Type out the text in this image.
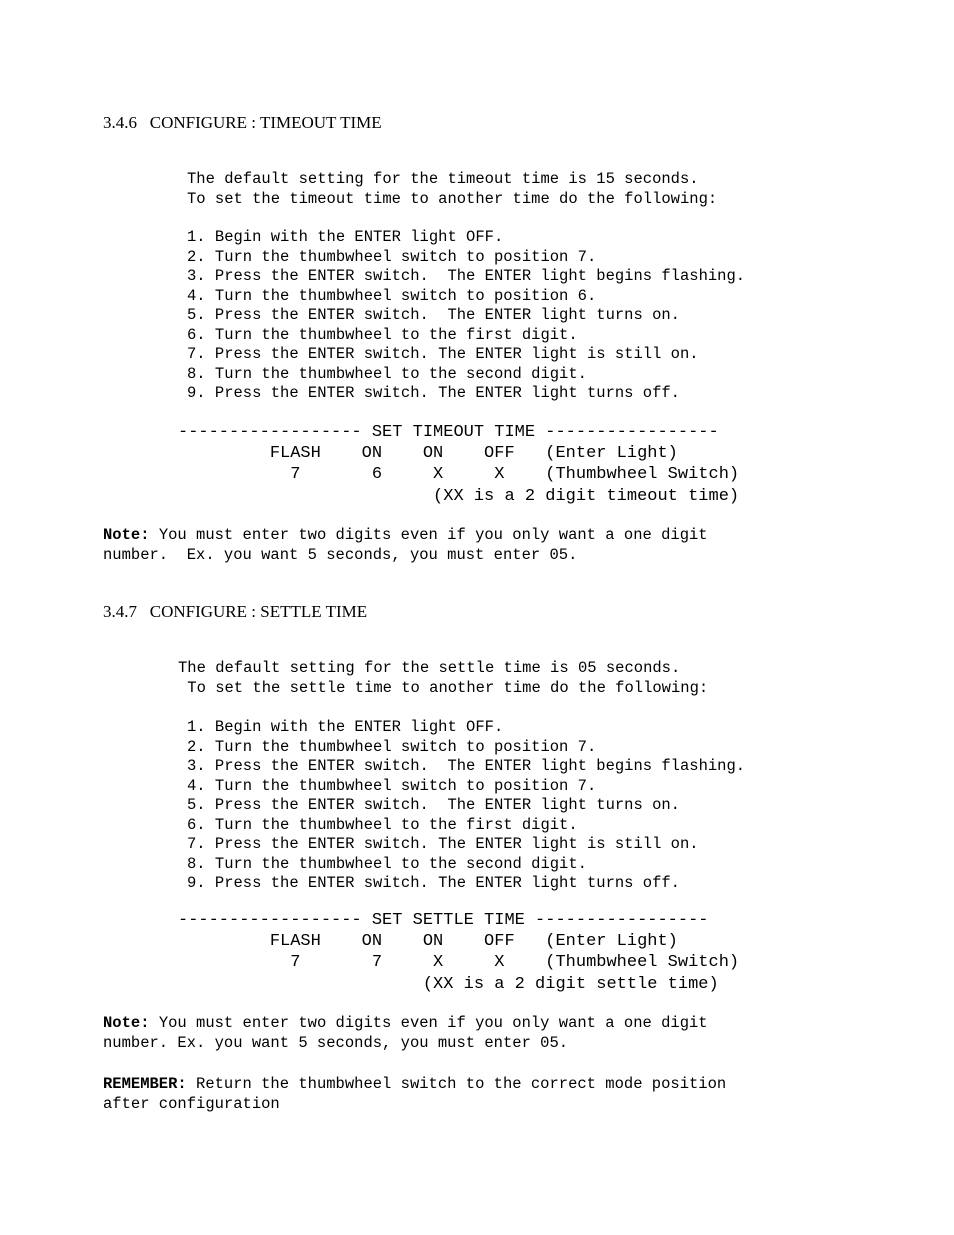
3.4.6   CONFIGURE : TIMEOUT TIME
The default setting for the timeout time is 15 seconds.
To set the timeout time to another time do the following:
1. Begin with the ENTER light OFF.
2. Turn the thumbwheel switch to position 7.
3. Press the ENTER switch.  The ENTER light begins flashing.
4. Turn the thumbwheel switch to position 6.
5. Press the ENTER switch.  The ENTER light turns on.
6. Turn the thumbwheel to the first digit.
7. Press the ENTER switch. The ENTER light is still on.
8. Turn the thumbwheel to the second digit.
9. Press the ENTER switch. The ENTER light turns off.
------------------ SET TIMEOUT TIME -----------------
FLASH    ON    ON    OFF   (Enter Light)
7       6     X     X    (Thumbwheel Switch)
(XX is a 2 digit timeout time)
Note: You must enter two digits even if you only want a one digit
number.  Ex. you want 5 seconds, you must enter 05.
3.4.7   CONFIGURE : SETTLE TIME
The default setting for the settle time is 05 seconds.
To set the settle time to another time do the following:
1. Begin with the ENTER light OFF.
2. Turn the thumbwheel switch to position 7.
3. Press the ENTER switch.  The ENTER light begins flashing.
4. Turn the thumbwheel switch to position 7.
5. Press the ENTER switch.  The ENTER light turns on.
6. Turn the thumbwheel to the first digit.
7. Press the ENTER switch. The ENTER light is still on.
8. Turn the thumbwheel to the second digit.
9. Press the ENTER switch. The ENTER light turns off.
------------------ SET SETTLE TIME -----------------
FLASH    ON    ON    OFF   (Enter Light)
7       7     X     X    (Thumbwheel Switch)
(XX is a 2 digit settle time)
Note: You must enter two digits even if you only want a one digit
number. Ex. you want 5 seconds, you must enter 05.
REMEMBER: Return the thumbwheel switch to the correct mode position
after configuration
